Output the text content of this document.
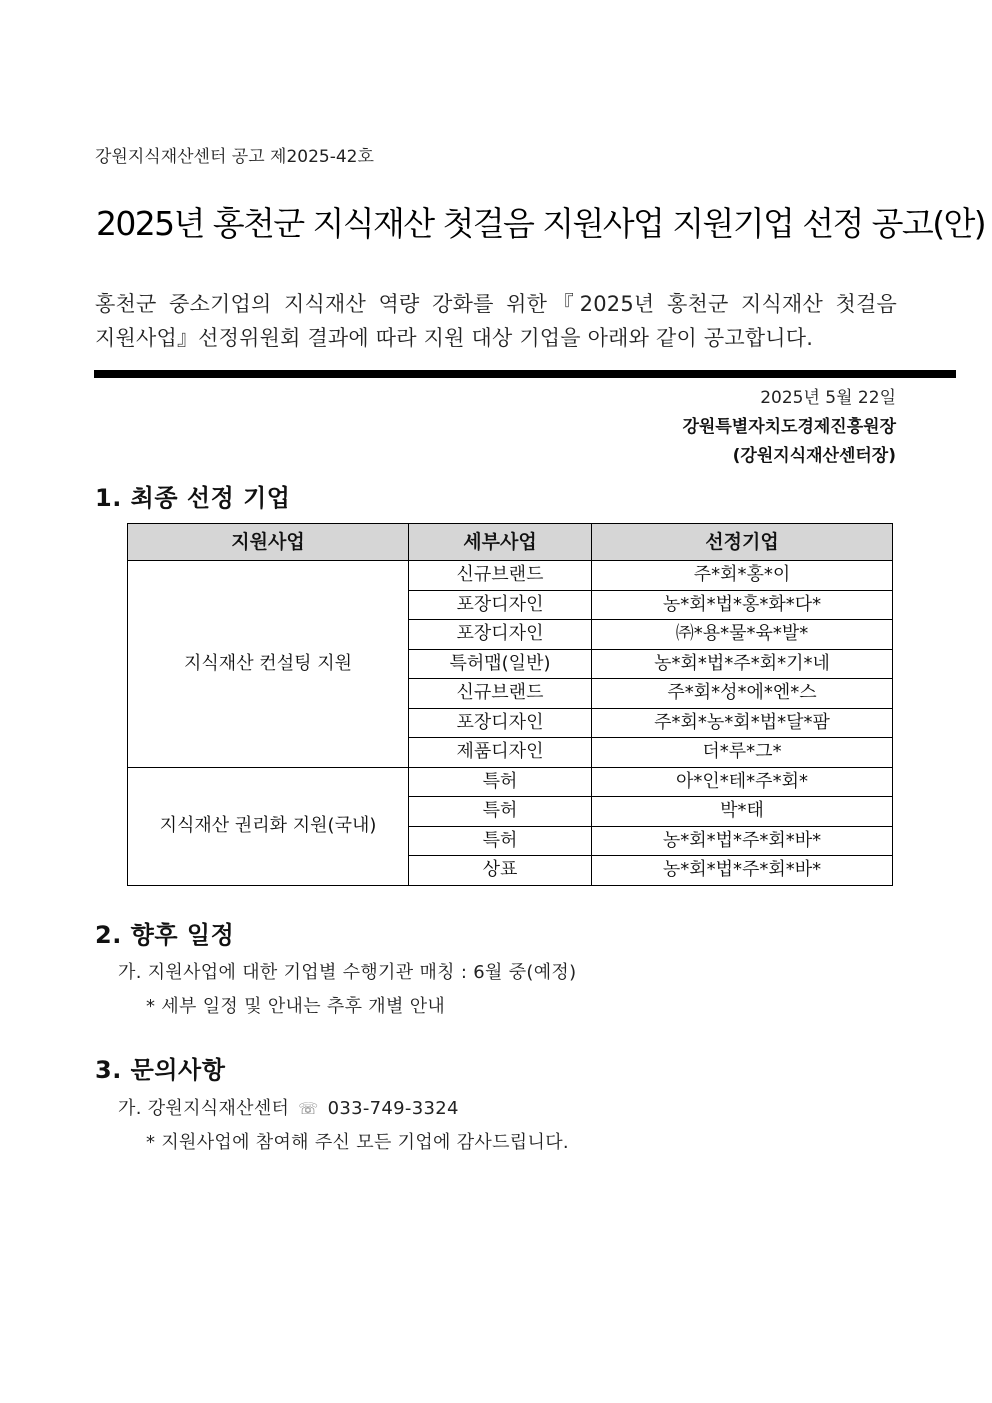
강원지식재산센터 공고 제2025-42호
2025년 홍천군 지식재산 첫걸음 지원사업 지원기업 선정 공고(안)
홍천군 중소기업의 지식재산 역량 강화를 위한『2025년 홍천군 지식재산 첫걸음
지원사업』선정위원회 결과에 따라 지원 대상 기업을 아래와 같이 공고합니다.
2025년 5월 22일
강원특별자치도경제진흥원장
(강원지식재산센터장)
1. 최종 선정 기업
지원사업	세부사업	선정기업
지식재산 컨설팅 지원	신규브랜드	주*회*홍*이
	포장디자인	농*회*법*홍*화*다*
	포장디자인	㈜*용*물*육*발*
	특허맵(일반)	농*회*법*주*회*기*네
	신규브랜드	주*회*성*에*엔*스
	포장디자인	주*회*농*회*법*달*팜
	제품디자인	더*루*그*
지식재산 권리화 지원(국내)	특허	아*인*테*주*회*
	특허	박*태
	특허	농*회*법*주*회*바*
	상표	농*회*법*주*회*바*
2. 향후 일정
가. 지원사업에 대한 기업별 수행기관 매칭 : 6월 중(예정)
* 세부 일정 및 안내는 추후 개별 안내
3. 문의사항
가. 강원지식재산센터 ☏ 033-749-3324
* 지원사업에 참여해 주신 모든 기업에 감사드립니다.
